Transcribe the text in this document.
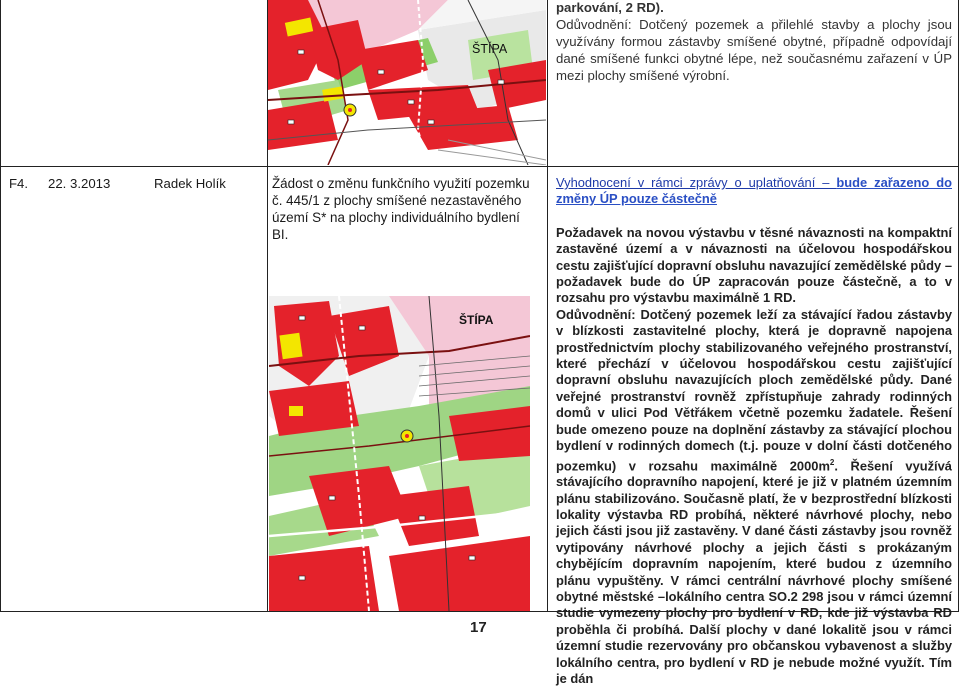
parkování, 2 RD).
Odůvodnění: Dotčený pozemek a přilehlé stavby a plochy jsou využívány formou zástavby smíšené obytné, případně odpovídají dané smíšené funkci obytné lépe, než současnému zařazení v ÚP mezi plochy smíšené výrobní.
ŠTÍPA
F4. 22. 3.2013	Radek Holík	Žádost o změnu funkčního využití pozemku č. 445/1 z plochy smíšené nezastavěného území S* na plochy individuálního bydlení BI.
ŠTÍPA
Vyhodnocení v rámci zprávy o uplatňování – bude zařazeno do změny ÚP pouze částečně
Požadavek na novou výstavbu v těsné návaznosti na kompaktní zastavěné území a v návaznosti na účelovou hospodářskou cestu zajišťující dopravní obsluhu navazující zemědělské půdy – požadavek bude do ÚP zapracován pouze částečně, a to v rozsahu pro výstavbu maximálně 1 RD.
Odůvodnění: Dotčený pozemek leží za stávající řadou zástavby v blízkosti zastavitelné plochy, která je dopravně napojena prostřednictvím plochy stabilizovaného veřejného prostranství, které přechází v účelovou hospodářskou cestu zajišťující dopravní obsluhu navazujících ploch zemědělské půdy. Dané veřejné prostranství rovněž zpřístupňuje zahrady rodinných domů v ulici Pod Větřákem včetně pozemku žadatele. Řešení bude omezeno pouze na doplnění zástavby za stávající plochou bydlení v rodinných domech (t.j. pouze v dolní části dotčeného pozemku) v rozsahu maximálně $2000m^2$. Řešení využívá stávajícího dopravního napojení, které je již v platném územním plánu stabilizováno. Současně platí, že v bezprostřední blízkosti lokality výstavba RD probíhá, některé návrhové plochy, nebo jejich části jsou již zastavěny. V dané části zástavby jsou rovněž vytipovány návrhové plochy a jejich části s prokázaným chybějícím dopravním napojením, které budou z územního plánu vypuštěny. V rámci centrální návrhové plochy smíšené obytné městské –lokálního centra SO.2 298 jsou v rámci územní studie vymezeny plochy pro bydlení v RD, kde již výstavba RD proběhla či probíhá. Další plochy v dané lokalitě jsou v rámci územní studie rezervovány pro občanskou vybavenost a služby lokálního centra, pro bydlení v RD je nebude možné využít. Tím je dán
17
